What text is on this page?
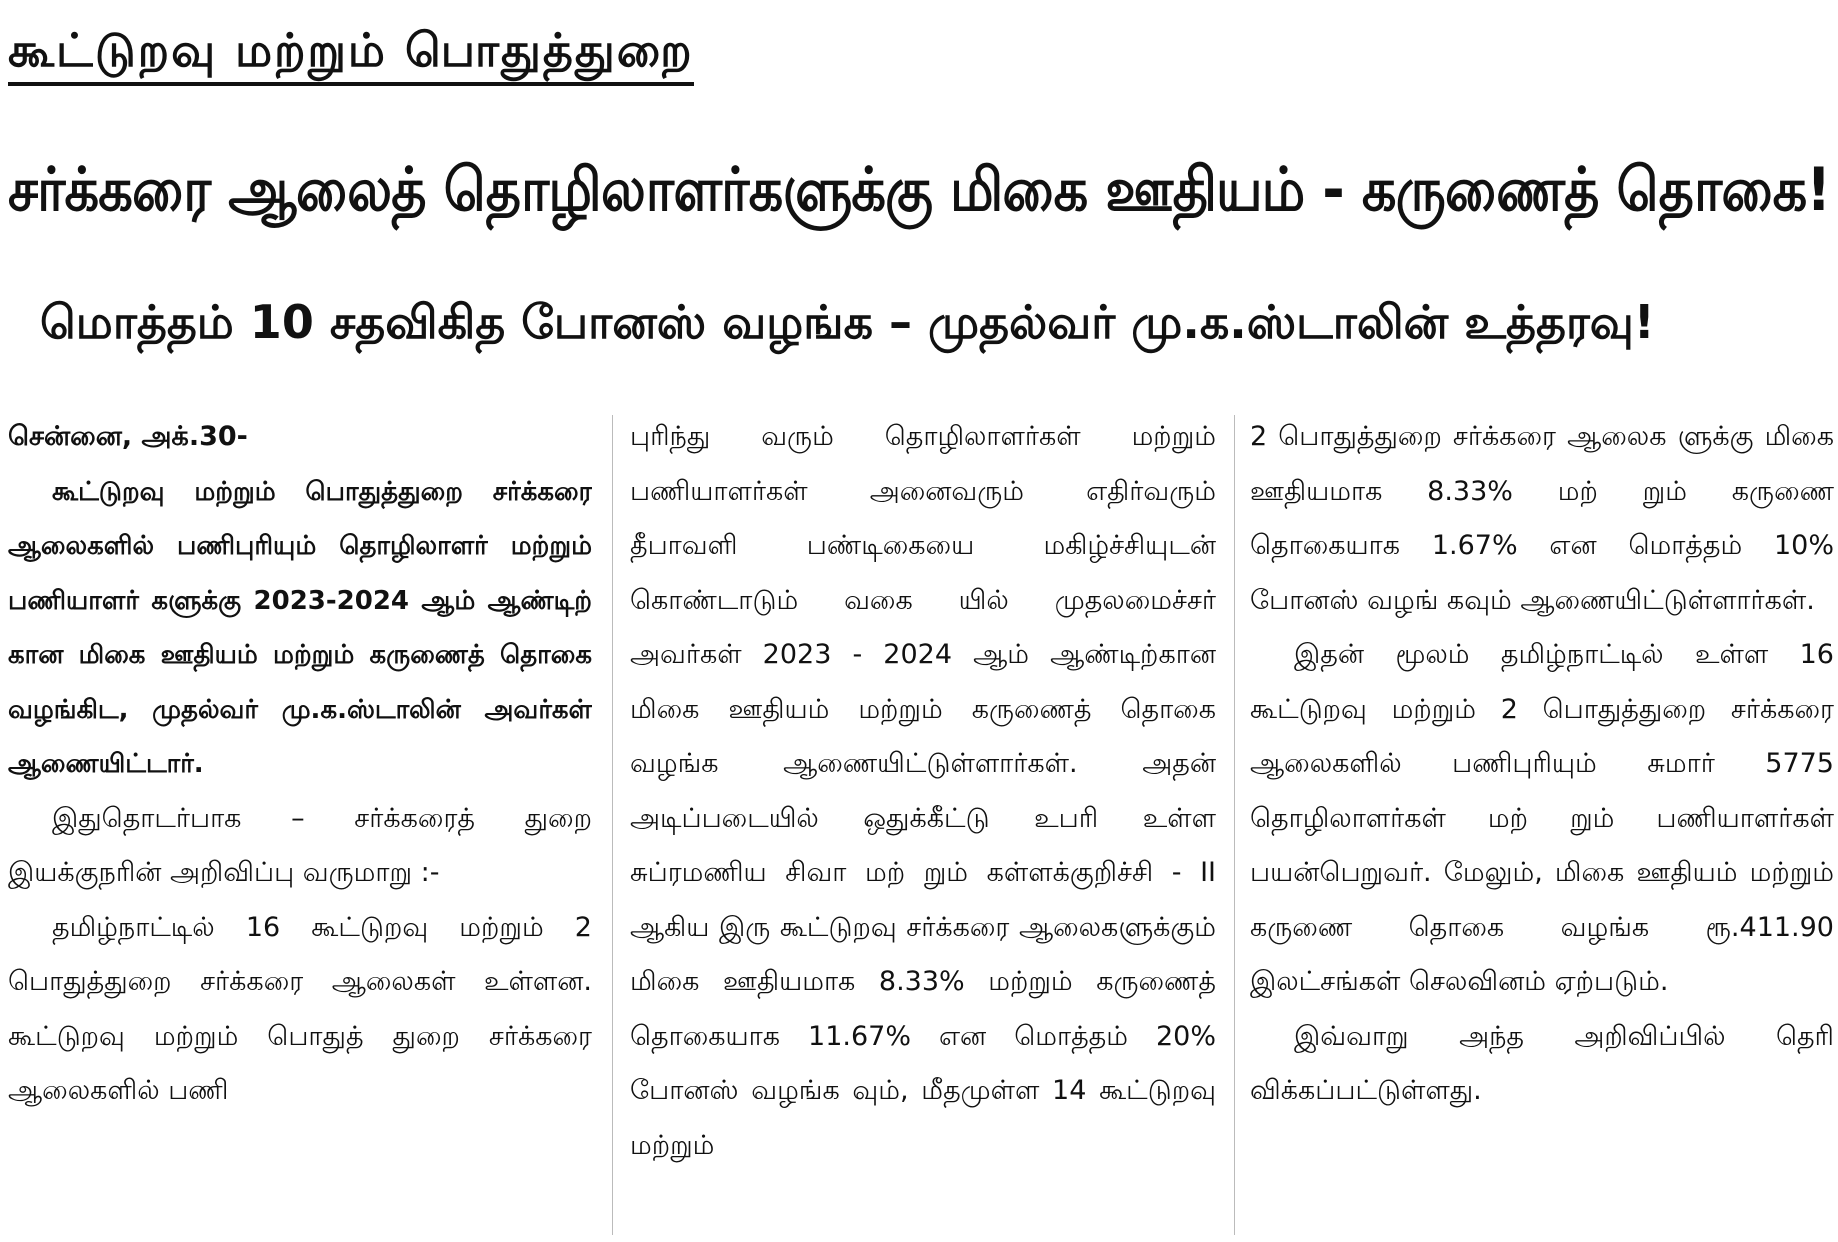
கூட்டுறவு மற்றும் பொதுத்துறை
சர்க்கரை ஆலைத் தொழிலாளர்களுக்கு மிகை ஊதியம் - கருணைத் தொகை!
மொத்தம் 10 சதவிகித போனஸ் வழங்க – முதல்வர் மு.க.ஸ்டாலின் உத்தரவு!

சென்னை, அக்.30-

கூட்டுறவு மற்றும் பொதுத்துறை சர்க்கரை ஆலைகளில் பணிபுரியும் தொழிலாளர் மற்றும் பணியாளர் களுக்கு 2023-2024 ஆம் ஆண்டிற் கான மிகை ஊதியம் மற்றும் கருணைத் தொகை வழங்கிட, முதல்வர் மு.க.ஸ்டாலின் அவர்கள் ஆணையிட்டார்.

இதுதொடர்பாக – சர்க்கரைத் துறை இயக்குநரின் அறிவிப்பு வருமாறு :-

தமிழ்நாட்டில் 16 கூட்டுறவு மற்றும் 2 பொதுத்துறை சர்க்கரை ஆலைகள் உள்ளன. கூட்டுறவு மற்றும் பொதுத் துறை சர்க்கரை ஆலைகளில் பணி

புரிந்து வரும் தொழிலாளர்கள் மற்றும் பணியாளர்கள் அனைவரும் எதிர்வரும் தீபாவளி பண்டிகையை மகிழ்ச்சியுடன் கொண்டாடும் வகை யில் முதலமைச்சர் அவர்கள் 2023 - 2024 ஆம் ஆண்டிற்கான மிகை ஊதியம் மற்றும் கருணைத் தொகை வழங்க ஆணையிட்டுள்ளார்கள். அதன் அடிப்படையில் ஒதுக்கீட்டு உபரி உள்ள சுப்ரமணிய சிவா மற் றும் கள்ளக்குறிச்சி - II ஆகிய இரு கூட்டுறவு சர்க்கரை ஆலைகளுக்கும் மிகை ஊதியமாக 8.33% மற்றும் கருணைத் தொகையாக 11.67% என மொத்தம் 20% போனஸ் வழங்க வும், மீதமுள்ள 14 கூட்டுறவு மற்றும்

2 பொதுத்துறை சர்க்கரை ஆலைக ளுக்கு மிகை ஊதியமாக 8.33% மற் றும் கருணை தொகையாக 1.67% என மொத்தம் 10% போனஸ் வழங் கவும் ஆணையிட்டுள்ளார்கள்.

இதன் மூலம் தமிழ்நாட்டில் உள்ள 16 கூட்டுறவு மற்றும் 2 பொதுத்துறை சர்க்கரை ஆலைகளில் பணிபுரியும் சுமார் 5775 தொழிலாளர்கள் மற் றும் பணியாளர்கள் பயன்பெறுவர். மேலும், மிகை ஊதியம் மற்றும் கருணை தொகை வழங்க ரூ.411.90 இலட்சங்கள் செலவினம் ஏற்படும்.

இவ்வாறு அந்த அறிவிப்பில் தெரி விக்கப்பட்டுள்ளது.
